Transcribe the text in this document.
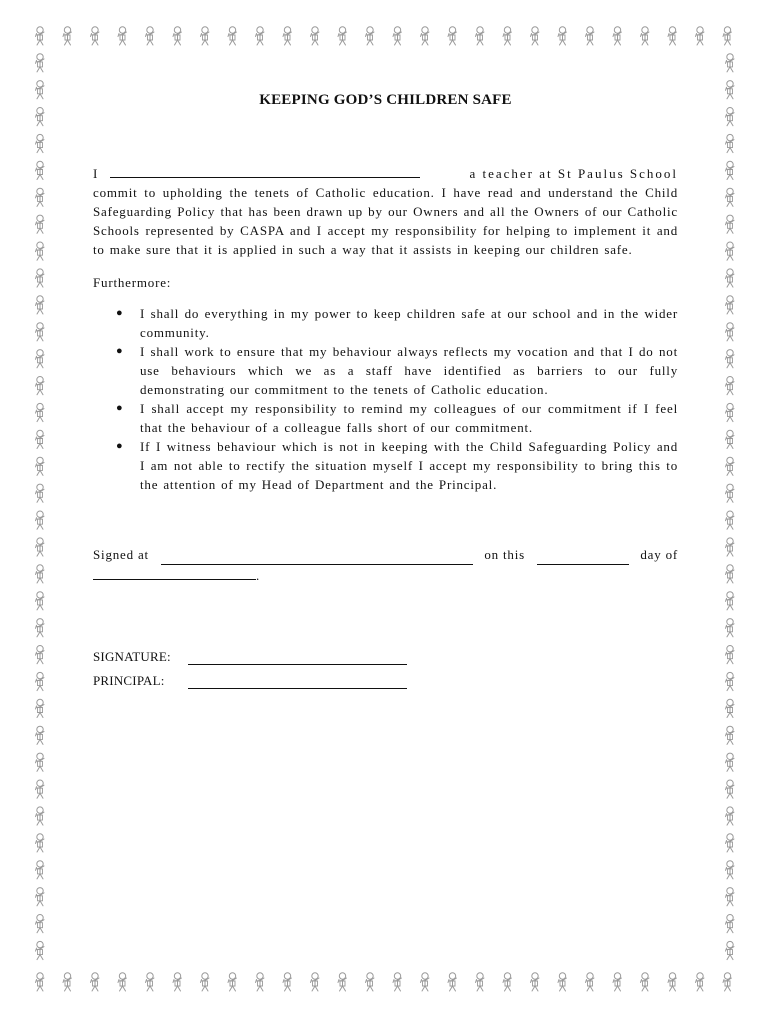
KEEPING GOD’S CHILDREN SAFE
I	a teacher at St Paulus School

commit to upholding the tenets of Catholic education. I have read and understand the Child Safeguarding Policy that has been drawn up by our Owners and all the Owners of our Catholic Schools represented by CASPA and I accept my responsibility for helping to implement it and to make sure that it is applied in such a way that it assists in keeping our children safe.

Furthermore:
● I shall do everything in my power to keep children safe at our school and in the wider community.
● I shall work to ensure that my behaviour always reflects my vocation and that I do not use behaviours which we as a staff have identified as barriers to our fully demonstrating our commitment to the tenets of Catholic education.
● I shall accept my responsibility to remind my colleagues of our commitment if I feel that the behaviour of a colleague falls short of our commitment.
● If I witness behaviour which is not in keeping with the Child Safeguarding Policy and I am not able to rectify the situation myself I accept my responsibility to bring this to the attention of my Head of Department and the Principal.
Signed at	on this	day of
.
SIGNATURE:
PRINCIPAL:
